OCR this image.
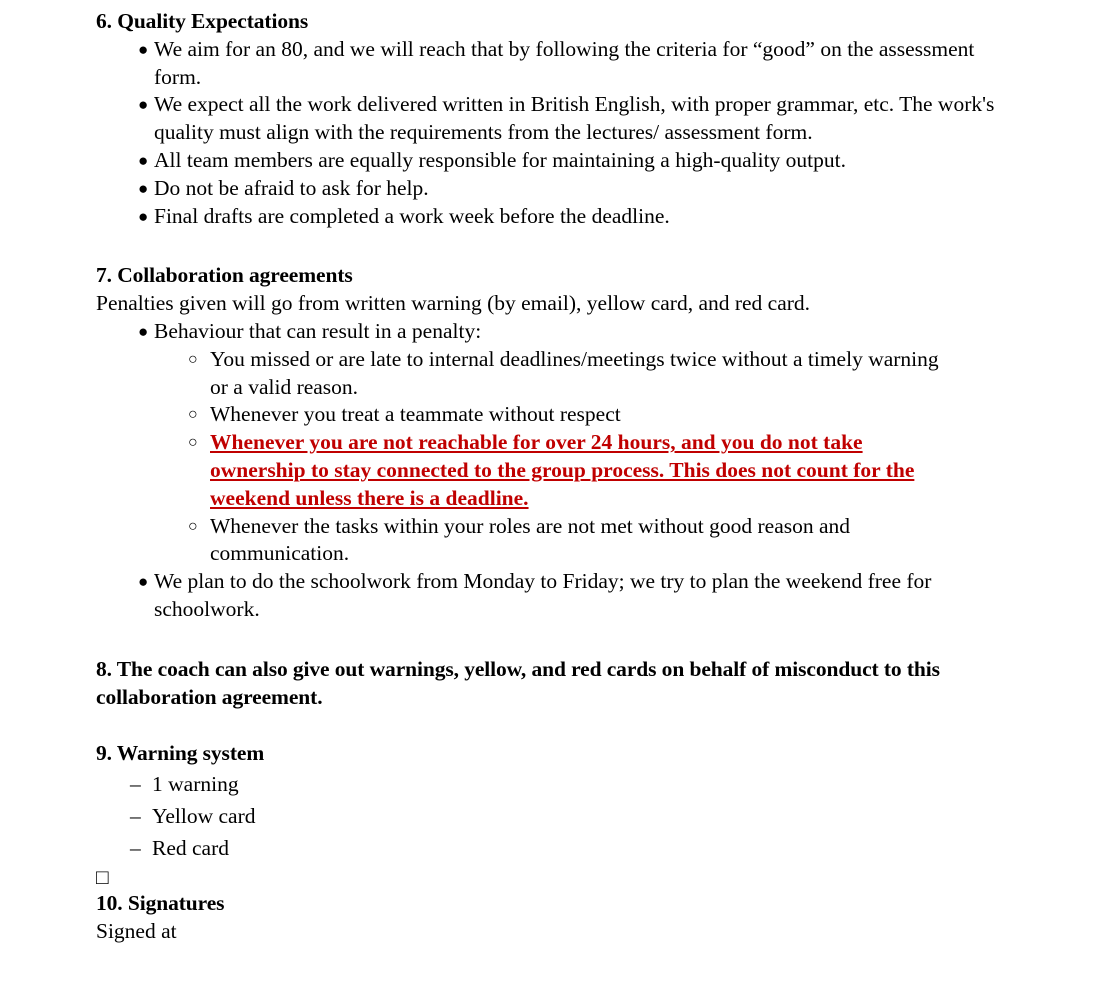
6. Quality Expectations
● We aim for an 80, and we will reach that by following the criteria for “good” on the assessment form.
● We expect all the work delivered written in British English, with proper grammar, etc. The work's quality must align with the requirements from the lectures/ assessment form.
● All team members are equally responsible for maintaining a high-quality output.
● Do not be afraid to ask for help.
● Final drafts are completed a work week before the deadline.
7. Collaboration agreements

Penalties given will go from written warning (by email), yellow card, and red card.

● Behaviour that can result in a penalty:
○ You missed or are late to internal deadlines/meetings twice without a timely warning or a valid reason.
○ Whenever you treat a teammate without respect
○ Whenever you are not reachable for over 24 hours, and you do not take ownership to stay connected to the group process. This does not count for the weekend unless there is a deadline.
○ Whenever the tasks within your roles are not met without good reason and communication.
● We plan to do the schoolwork from Monday to Friday; we try to plan the weekend free for schoolwork.
8. The coach can also give out warnings, yellow, and red cards on behalf of misconduct to this collaboration agreement.
9. Warning system
– 1 warning
– Yellow card
– Red card

□

10. Signatures

Signed at
